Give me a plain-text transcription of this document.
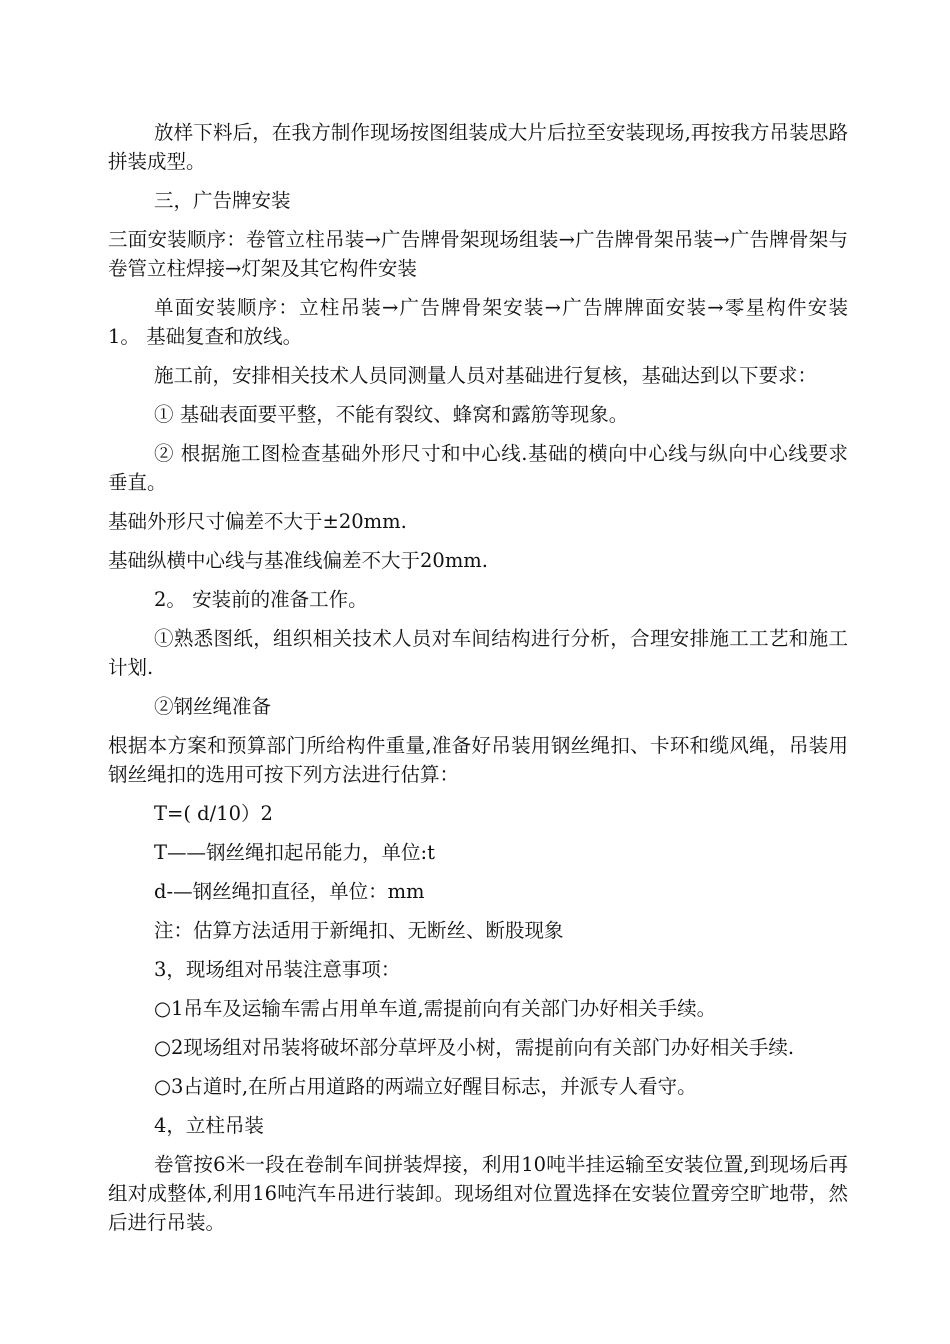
放样下料后，在我方制作现场按图组装成大片后拉至安装现场,再按我方吊装思路拼装成型。

三，广告牌安装

三面安装顺序：卷管立柱吊装→广告牌骨架现场组装→广告牌骨架吊装→广告牌骨架与卷管立柱焊接→灯架及其它构件安装

单面安装顺序：立柱吊装→广告牌骨架安装→广告牌牌面安装→零星构件安装      1。 基础复查和放线。

施工前，安排相关技术人员同测量人员对基础进行复核，基础达到以下要求：

① 基础表面要平整，不能有裂纹、蜂窝和露筋等现象。

② 根据施工图检查基础外形尺寸和中心线.基础的横向中心线与纵向中心线要求垂直。

基础外形尺寸偏差不大于±20mm.

基础纵横中心线与基准线偏差不大于20mm.

2。 安装前的准备工作。

①熟悉图纸，组织相关技术人员对车间结构进行分析，合理安排施工工艺和施工计划.

②钢丝绳准备

根据本方案和预算部门所给构件重量,准备好吊装用钢丝绳扣、卡环和缆风绳，吊装用钢丝绳扣的选用可按下列方法进行估算：

T=( d/10）2

T——钢丝绳扣起吊能力，单位:t

d-—钢丝绳扣直径，单位：mm

注：估算方法适用于新绳扣、无断丝、断股现象

3，现场组对吊装注意事项：

○1吊车及运输车需占用单车道,需提前向有关部门办好相关手续。

○2现场组对吊装将破坏部分草坪及小树，需提前向有关部门办好相关手续.

○3占道时,在所占用道路的两端立好醒目标志，并派专人看守。

4，立柱吊装

卷管按6米一段在卷制车间拼装焊接，利用10吨半挂运输至安装位置,到现场后再组对成整体,利用16吨汽车吊进行装卸。现场组对位置选择在安装位置旁空旷地带，然后进行吊装。
